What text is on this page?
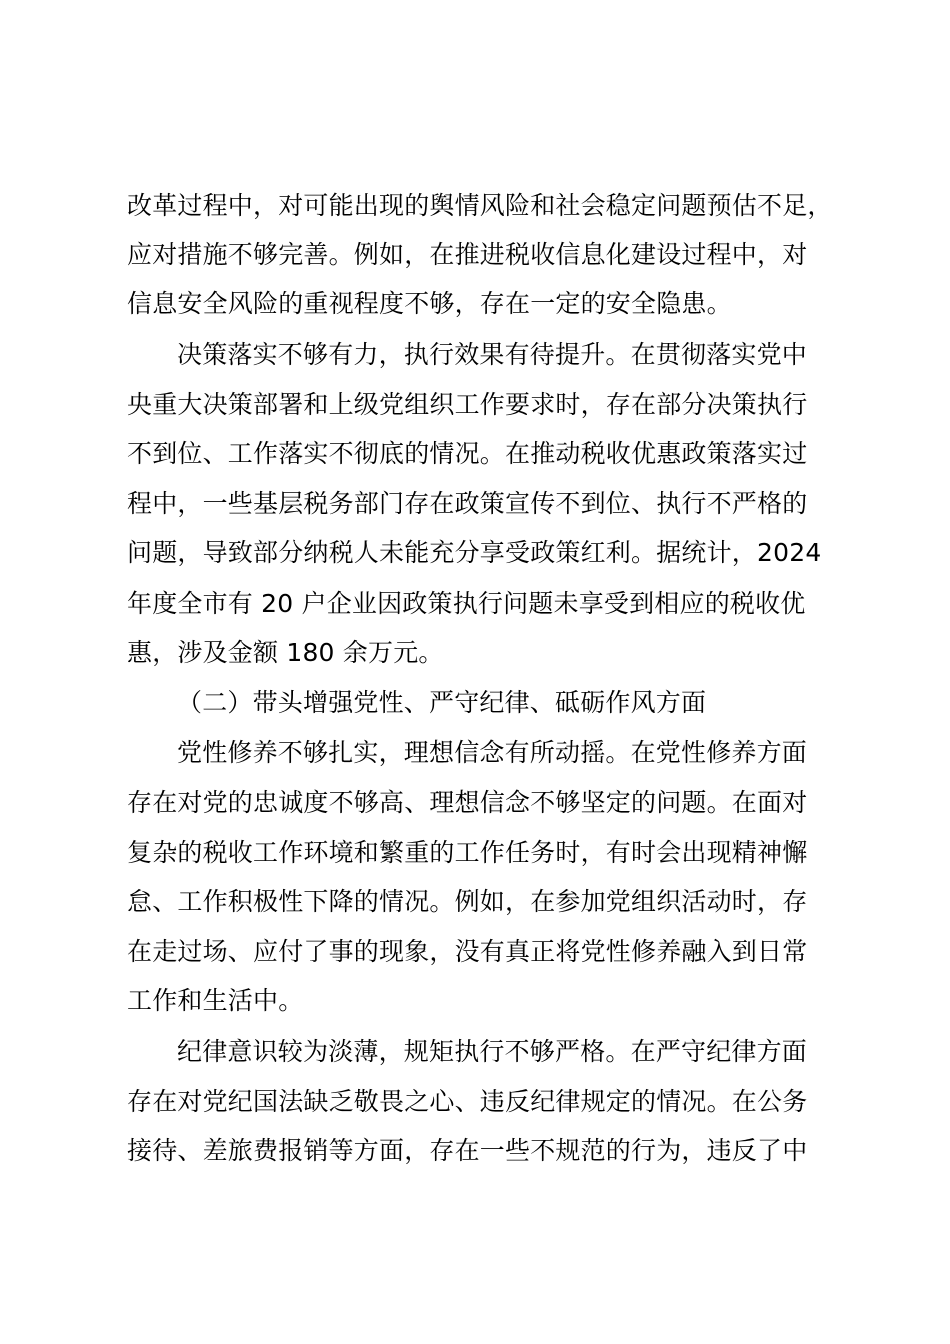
改革过程中，对可能出现的舆情风险和社会稳定问题预估不足，
应对措施不够完善。例如，在推进税收信息化建设过程中，对
信息安全风险的重视程度不够，存在一定的安全隐患。
决策落实不够有力，执行效果有待提升。在贯彻落实党中
央重大决策部署和上级党组织工作要求时，存在部分决策执行
不到位、工作落实不彻底的情况。在推动税收优惠政策落实过
程中，一些基层税务部门存在政策宣传不到位、执行不严格的
问题，导致部分纳税人未能充分享受政策红利。据统计，2024
年度全市有 20 户企业因政策执行问题未享受到相应的税收优
惠，涉及金额 180 余万元。
（二）带头增强党性、严守纪律、砥砺作风方面
党性修养不够扎实，理想信念有所动摇。在党性修养方面
存在对党的忠诚度不够高、理想信念不够坚定的问题。在面对
复杂的税收工作环境和繁重的工作任务时，有时会出现精神懈
怠、工作积极性下降的情况。例如，在参加党组织活动时，存
在走过场、应付了事的现象，没有真正将党性修养融入到日常
工作和生活中。
纪律意识较为淡薄，规矩执行不够严格。在严守纪律方面
存在对党纪国法缺乏敬畏之心、违反纪律规定的情况。在公务
接待、差旅费报销等方面，存在一些不规范的行为，违反了中
